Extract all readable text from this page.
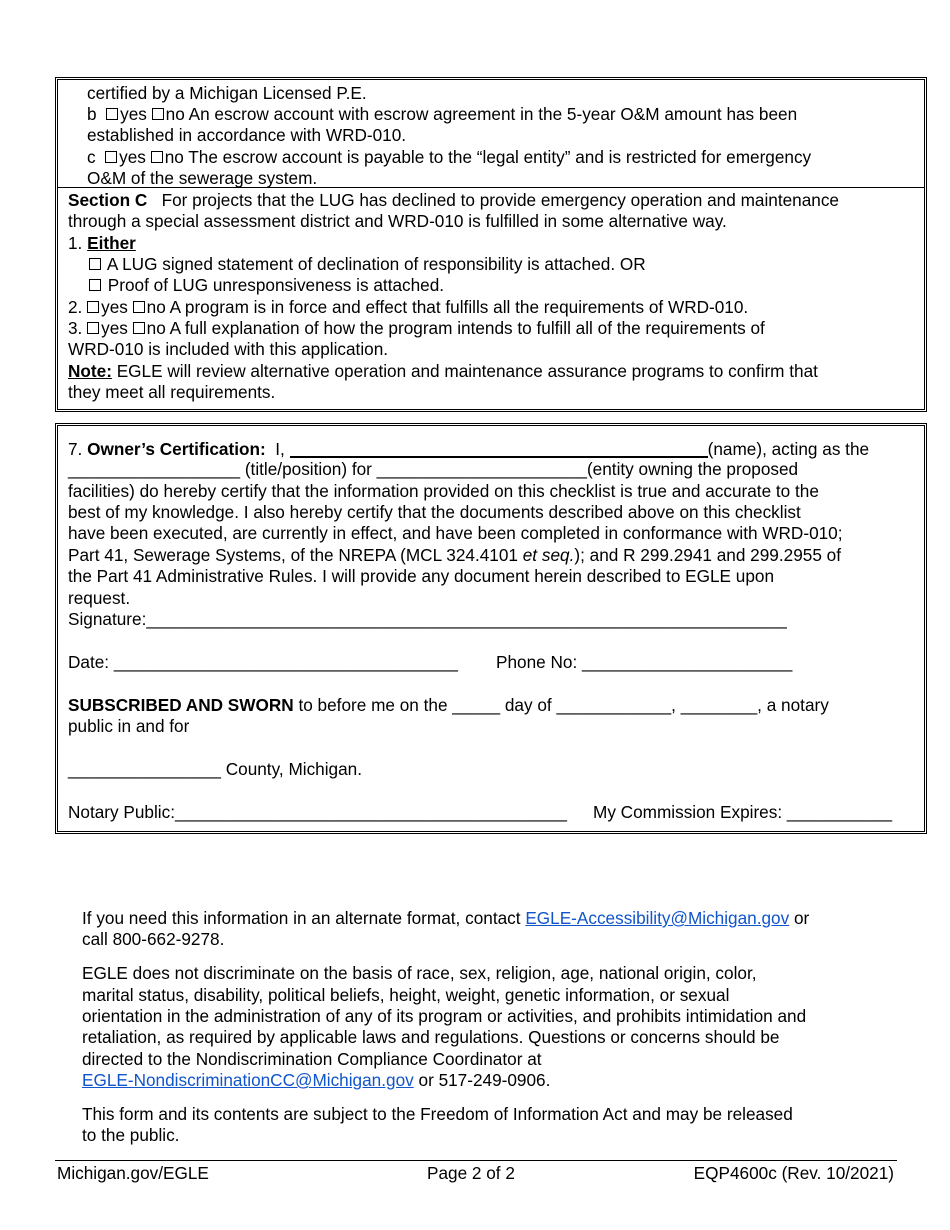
certified by a Michigan Licensed P.E.
b yes no An escrow account with escrow agreement in the 5-year O&M amount has been
established in accordance with WRD-010.
c yes no The escrow account is payable to the “legal entity” and is restricted for emergency
O&M of the sewerage system.
Section C For projects that the LUG has declined to provide emergency operation and maintenance
through a special assessment district and WRD-010 is fulfilled in some alternative way.
1. Either
A LUG signed statement of declination of responsibility is attached. OR
Proof of LUG unresponsiveness is attached.
2. yes no A program is in force and effect that fulfills all the requirements of WRD-010.
3. yes no A full explanation of how the program intends to fulfill all of the requirements of
WRD-010 is included with this application.
Note: EGLE will review alternative operation and maintenance assurance programs to confirm that
they meet all requirements.
7. Owner’s Certification: I,	(name), acting as the
__________________ (title/position) for ______________________(entity owning the proposed
facilities) do hereby certify that the information provided on this checklist is true and accurate to the
best of my knowledge. I also hereby certify that the documents described above on this checklist
have been executed, are currently in effect, and have been completed in conformance with WRD-010;
Part 41, Sewerage Systems, of the NREPA (MCL 324.4101 et seq.); and R 299.2941 and 299.2955 of
the Part 41 Administrative Rules. I will provide any document herein described to EGLE upon
request.
Signature:___________________________________________________________________
Date: ____________________________________ Phone No: ______________________
SUBSCRIBED AND SWORN to before me on the _____ day of ____________, ________, a notary
public in and for
________________ County, Michigan.
Notary Public:_________________________________________ My Commission Expires: ___________
If you need this information in an alternate format, contact EGLE-Accessibility@Michigan.gov or
call 800-662-9278.
EGLE does not discriminate on the basis of race, sex, religion, age, national origin, color,
marital status, disability, political beliefs, height, weight, genetic information, or sexual
orientation in the administration of any of its program or activities, and prohibits intimidation and
retaliation, as required by applicable laws and regulations. Questions or concerns should be
directed to the Nondiscrimination Compliance Coordinator at
EGLE-NondiscriminationCC@Michigan.gov or 517-249-0906.
This form and its contents are subject to the Freedom of Information Act and may be released
to the public.
Michigan.gov/EGLE	Page 2 of 2	EQP4600c (Rev. 10/2021)
